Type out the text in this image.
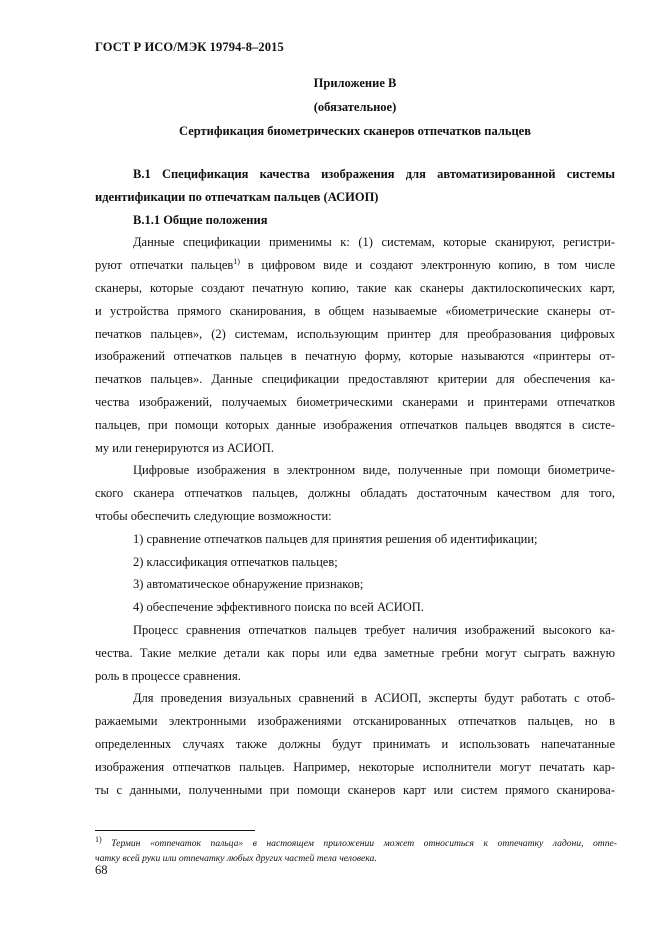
ГОСТ Р ИСО/МЭК 19794-8–2015
Приложение В
(обязательное)
Сертификация биометрических сканеров отпечатков пальцев
В.1 Спецификация качества изображения для автоматизированной системы
идентификации по отпечаткам пальцев (АСИОП)
В.1.1 Общие положения
Данные спецификации применимы к: (1) системам, которые сканируют, регистри-
руют отпечатки пальцев$^{1)}$ в цифровом виде и создают электронную копию, в том числе
сканеры, которые создают печатную копию, такие как сканеры дактилоскопических карт,
и устройства прямого сканирования, в общем называемые «биометрические сканеры от-
печатков пальцев», (2) системам, использующим принтер для преобразования цифровых
изображений отпечатков пальцев в печатную форму, которые называются «принтеры от-
печатков пальцев». Данные спецификации предоставляют критерии для обеспечения ка-
чества изображений, получаемых биометрическими сканерами и принтерами отпечатков
пальцев, при помощи которых данные изображения отпечатков пальцев вводятся в систе-
му или генерируются из АСИОП.
Цифровые изображения в электронном виде, полученные при помощи биометриче-
ского сканера отпечатков пальцев, должны обладать достаточным качеством для того,
чтобы обеспечить следующие возможности:
1) сравнение отпечатков пальцев для принятия решения об идентификации;
2) классификация отпечатков пальцев;
3) автоматическое обнаружение признаков;
4) обеспечение эффективного поиска по всей АСИОП.
Процесс сравнения отпечатков пальцев требует наличия изображений высокого ка-
чества. Такие мелкие детали как поры или едва заметные гребни могут сыграть важную
роль в процессе сравнения.
Для проведения визуальных сравнений в АСИОП, эксперты будут работать с отоб-
ражаемыми электронными изображениями отсканированных отпечатков пальцев, но в
определенных случаях также должны будут принимать и использовать напечатанные
изображения отпечатков пальцев. Например, некоторые исполнители могут печатать кар-
ты с данными, полученными при помощи сканеров карт или систем прямого сканирова-
$^{1)}$ Термин «отпечаток пальца» в настоящем приложении может относиться к отпечатку ладони, отпе-
чатку всей руки или отпечатку любых других частей тела человека.
68
